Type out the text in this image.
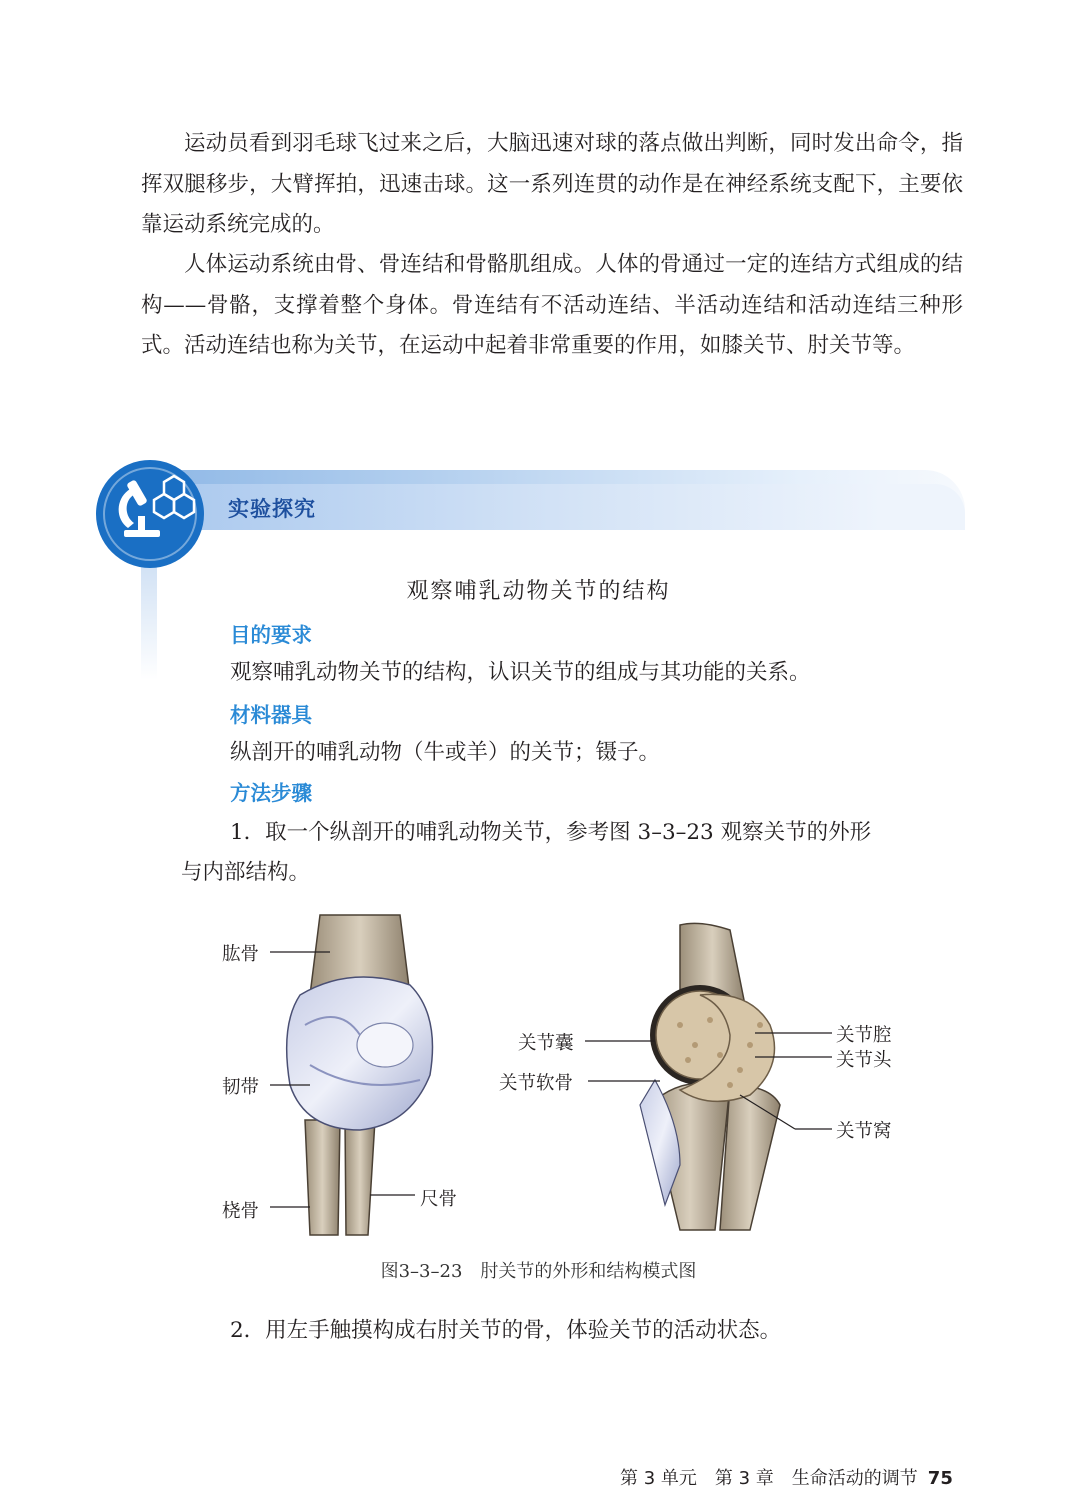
运动员看到羽毛球飞过来之后，大脑迅速对球的落点做出判断，同时发出命令，指挥双腿移步，大臂挥拍，迅速击球。这一系列连贯的动作是在神经系统支配下，主要依靠运动系统完成的。

人体运动系统由骨、骨连结和骨骼肌组成。人体的骨通过一定的连结方式组成的结构——骨骼，支撑着整个身体。骨连结有不活动连结、半活动连结和活动连结三种形式。活动连结也称为关节，在运动中起着非常重要的作用，如膝关节、肘关节等。

实验探究
观察哺乳动物关节的结构
目的要求
观察哺乳动物关节的结构，认识关节的组成与其功能的关系。
材料器具
纵剖开的哺乳动物（牛或羊）的关节；镊子。
方法步骤
1．取一个纵剖开的哺乳动物关节，参考图 3–3–23 观察关节的外形
与内部结构。
肱骨
韧带
桡骨
尺骨
关节囊
关节软骨
关节腔
关节头
关节窝
图3–3–23　肘关节的外形和结构模式图
2．用左手触摸构成右肘关节的骨，体验关节的活动状态。
第 3 单元　第 3 章　生命活动的调节 75
